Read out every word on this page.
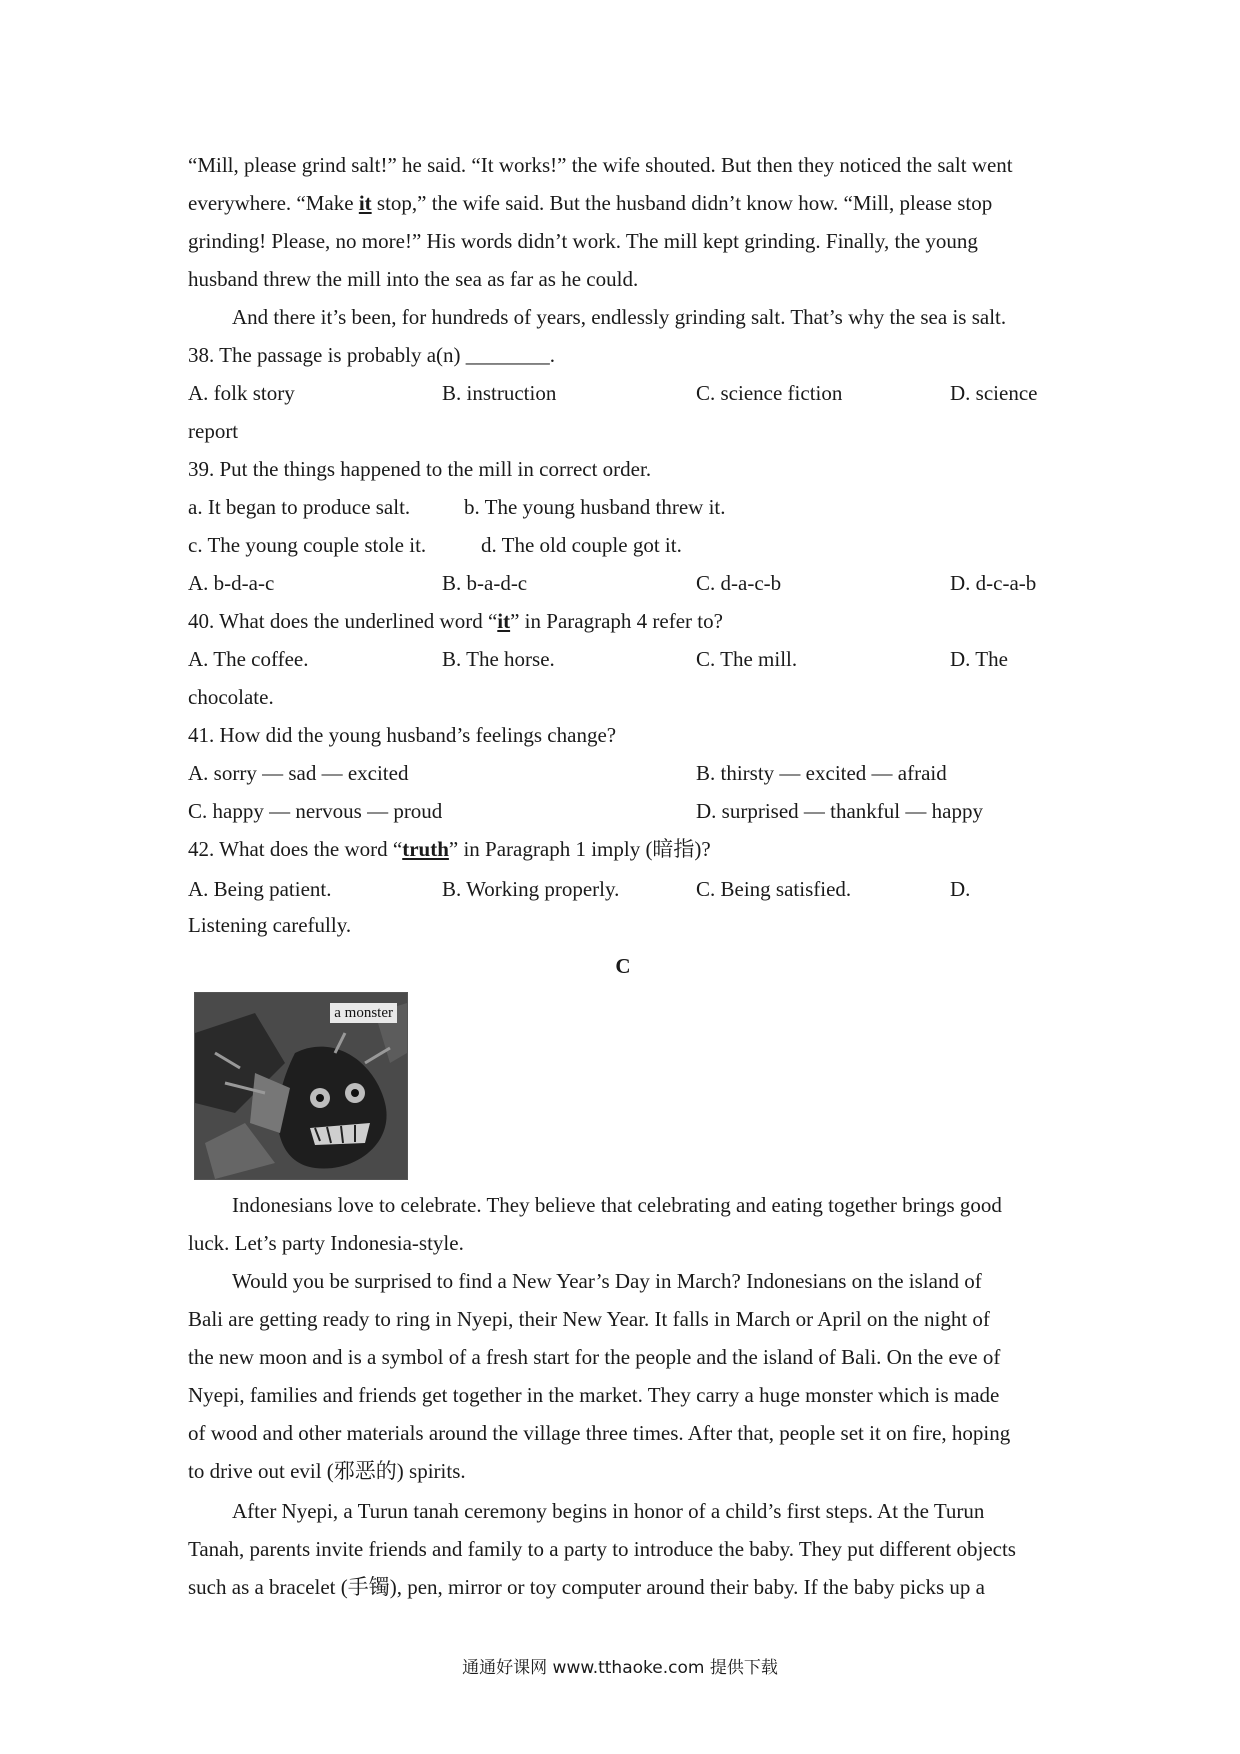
“Mill, please grind salt!” he said. “It works!” the wife shouted. But then they noticed the salt went
everywhere. “Make it stop,” the wife said. But the husband didn’t know how. “Mill, please stop
grinding! Please, no more!” His words didn’t work. The mill kept grinding. Finally, the young
husband threw the mill into the sea as far as he could.
And there it’s been, for hundreds of years, endlessly grinding salt. That’s why the sea is salt.
38. The passage is probably a(n) ________.
A. folk story	B. instruction	C. science fiction	D. science
report
39. Put the things happened to the mill in correct order.
a. It began to produce salt.	b. The young husband threw it.
c. The young couple stole it.	d. The old couple got it.
A. b-d-a-c	B. b-a-d-c	C. d-a-c-b	D. d-c-a-b
40. What does the underlined word “it” in Paragraph 4 refer to?
A. The coffee.	B. The horse.	C. The mill.	D. The
chocolate.
41. How did the young husband’s feelings change?
A. sorry — sad — excited	B. thirsty — excited — afraid
C. happy — nervous — proud	D. surprised — thankful — happy
42. What does the word “truth” in Paragraph 1 imply (暗指)?
A. Being patient.	B. Working properly.	C. Being satisfied.	D.
Listening carefully.
C
a monster
Indonesians love to celebrate. They believe that celebrating and eating together brings good
luck. Let’s party Indonesia-style.
Would you be surprised to find a New Year’s Day in March? Indonesians on the island of
Bali are getting ready to ring in Nyepi, their New Year. It falls in March or April on the night of
the new moon and is a symbol of a fresh start for the people and the island of Bali. On the eve of
Nyepi, families and friends get together in the market. They carry a huge monster which is made
of wood and other materials around the village three times. After that, people set it on fire, hoping
to drive out evil (邪恶的) spirits.
After Nyepi, a Turun tanah ceremony begins in honor of a child’s first steps. At the Turun
Tanah, parents invite friends and family to a party to introduce the baby. They put different objects
such as a bracelet (手镯), pen, mirror or toy computer around their baby. If the baby picks up a
通通好课网 www.tthaoke.com 提供下载
